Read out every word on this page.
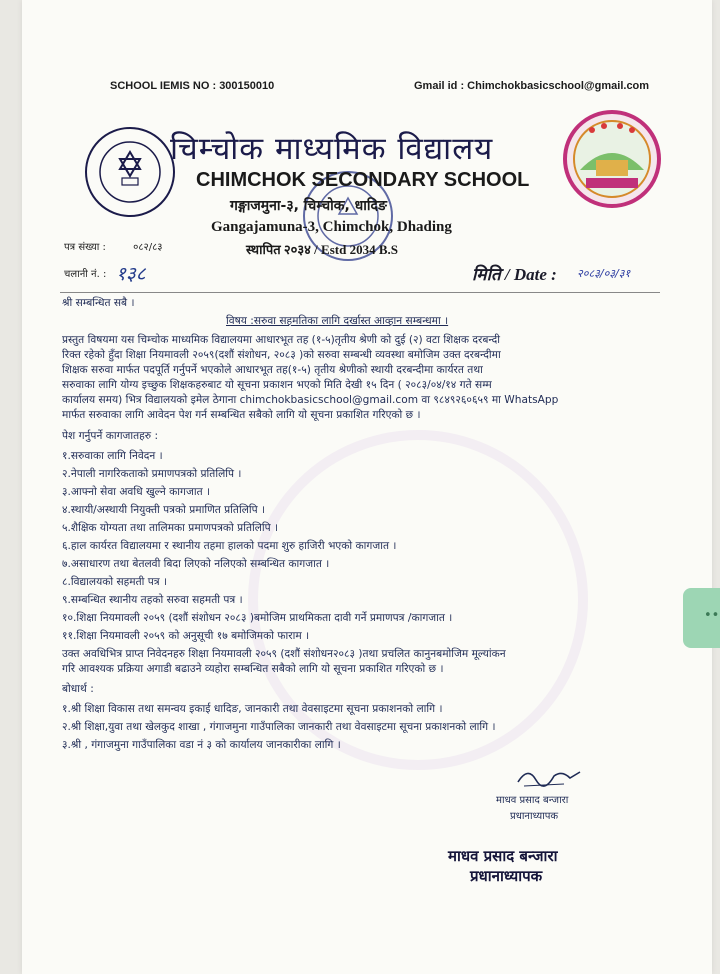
SCHOOL IEMIS NO : 300150010	Gmail id : Chimchokbasicschool@gmail.com
चिम्चोक माध्यमिक विद्यालय
CHIMCHOK SECONDARY SCHOOL
गङ्गाजमुना-३, चिम्चोक, धादिङ
Gangajamuna-3, Chimchok, Dhading
स्थापित २०३४ / Estd 2034 B.S
पत्र संख्या :	०८२/८३
चलानी नं. : १३८	मिति / Date : २०८३/०३/३१
श्री सम्बन्धित सबै ।
विषय :सरुवा सहमतिका लागि दर्खास्त आव्हान सम्बन्धमा ।
प्रस्तुत विषयमा यस चिम्चोक माध्यमिक विद्यालयमा आधारभूत तह (१-५)तृतीय श्रेणी को दुई (२) वटा शिक्षक दरबन्दी
रिक्त रहेको हुँदा शिक्षा नियमावली २०५९(दशौं संशोधन, २०८३ )को सरुवा सम्बन्धी व्यवस्था बमोजिम उक्त दरबन्दीमा
शिक्षक सरुवा मार्फत पदपूर्ति गर्नुपर्ने भएकोले आधारभूत तह(१-५) तृतीय श्रेणीको स्थायी दरबन्दीमा कार्यरत तथा
सरुवाका लागि योग्य इच्छुक शिक्षकहरुबाट यो सूचना प्रकाशन भएको मिति देखी १५ दिन ( २०८३/०४/१४ गते सम्म
कार्यालय समय) भित्र विद्यालयको इमेल ठेगाना chimchokbasicschool@gmail.com वा ९८४९२६०६५९ मा WhatsApp
मार्फत सरुवाका लागि आवेदन पेश गर्न सम्बन्धित सबैको लागि यो सूचना प्रकाशित गरिएको छ ।
पेश गर्नुपर्ने कागजातहरु :
१.सरुवाका लागि निवेदन ।
२.नेपाली नागरिकताको प्रमाणपत्रको प्रतिलिपि ।
३.आफ्नो सेवा अवधि खुल्ने कागजात ।
४.स्थायी/अस्थायी नियुक्ती पत्रको प्रमाणित प्रतिलिपि ।
५.शैक्षिक योग्यता तथा तालिमका प्रमाणपत्रको प्रतिलिपि ।
६.हाल कार्यरत विद्यालयमा र स्थानीय तहमा हालको पदमा शुरु हाजिरी भएको कागजात ।
७.असाधारण तथा बेतलवी बिदा लिएको नलिएको सम्बन्धित कागजात ।
८.विद्यालयको सहमती पत्र ।
९.सम्बन्धित स्थानीय तहको सरुवा सहमती पत्र ।
१०.शिक्षा नियमावली २०५९ (दशौं संशोधन २०८३ )बमोजिम प्राथमिकता दावी गर्ने प्रमाणपत्र /कागजात ।
११.शिक्षा नियमावली २०५९ को अनुसूची १७ बमोजिमको फाराम ।
उक्त अवधिभित्र प्राप्त निवेदनहरु शिक्षा नियमावली २०५९ (दशौं संशोधन२०८३ )तथा प्रचलित कानुनबमोजिम मूल्यांकन
गरि आवश्यक प्रक्रिया अगाडी बढाउने व्यहोरा सम्बन्धित सबैको लागि यो सूचना प्रकाशित गरिएको छ ।
बोधार्थ :
१.श्री शिक्षा विकास तथा समन्वय इकाई धादिङ, जानकारी तथा वेवसाइटमा सूचना प्रकाशनको लागि ।
२.श्री शिक्षा,युवा तथा खेलकुद शाखा , गंगाजमुना गाउँपालिका जानकारी तथा वेवसाइटमा सूचना प्रकाशनको लागि ।
३.श्री , गंगाजमुना गाउँपालिका वडा नं ३ को कार्यालय जानकारीका लागि ।
माधव प्रसाद बन्जारा
प्रधानाध्यापक
माधव प्रसाद बन्जारा
प्रधानाध्यापक
••
